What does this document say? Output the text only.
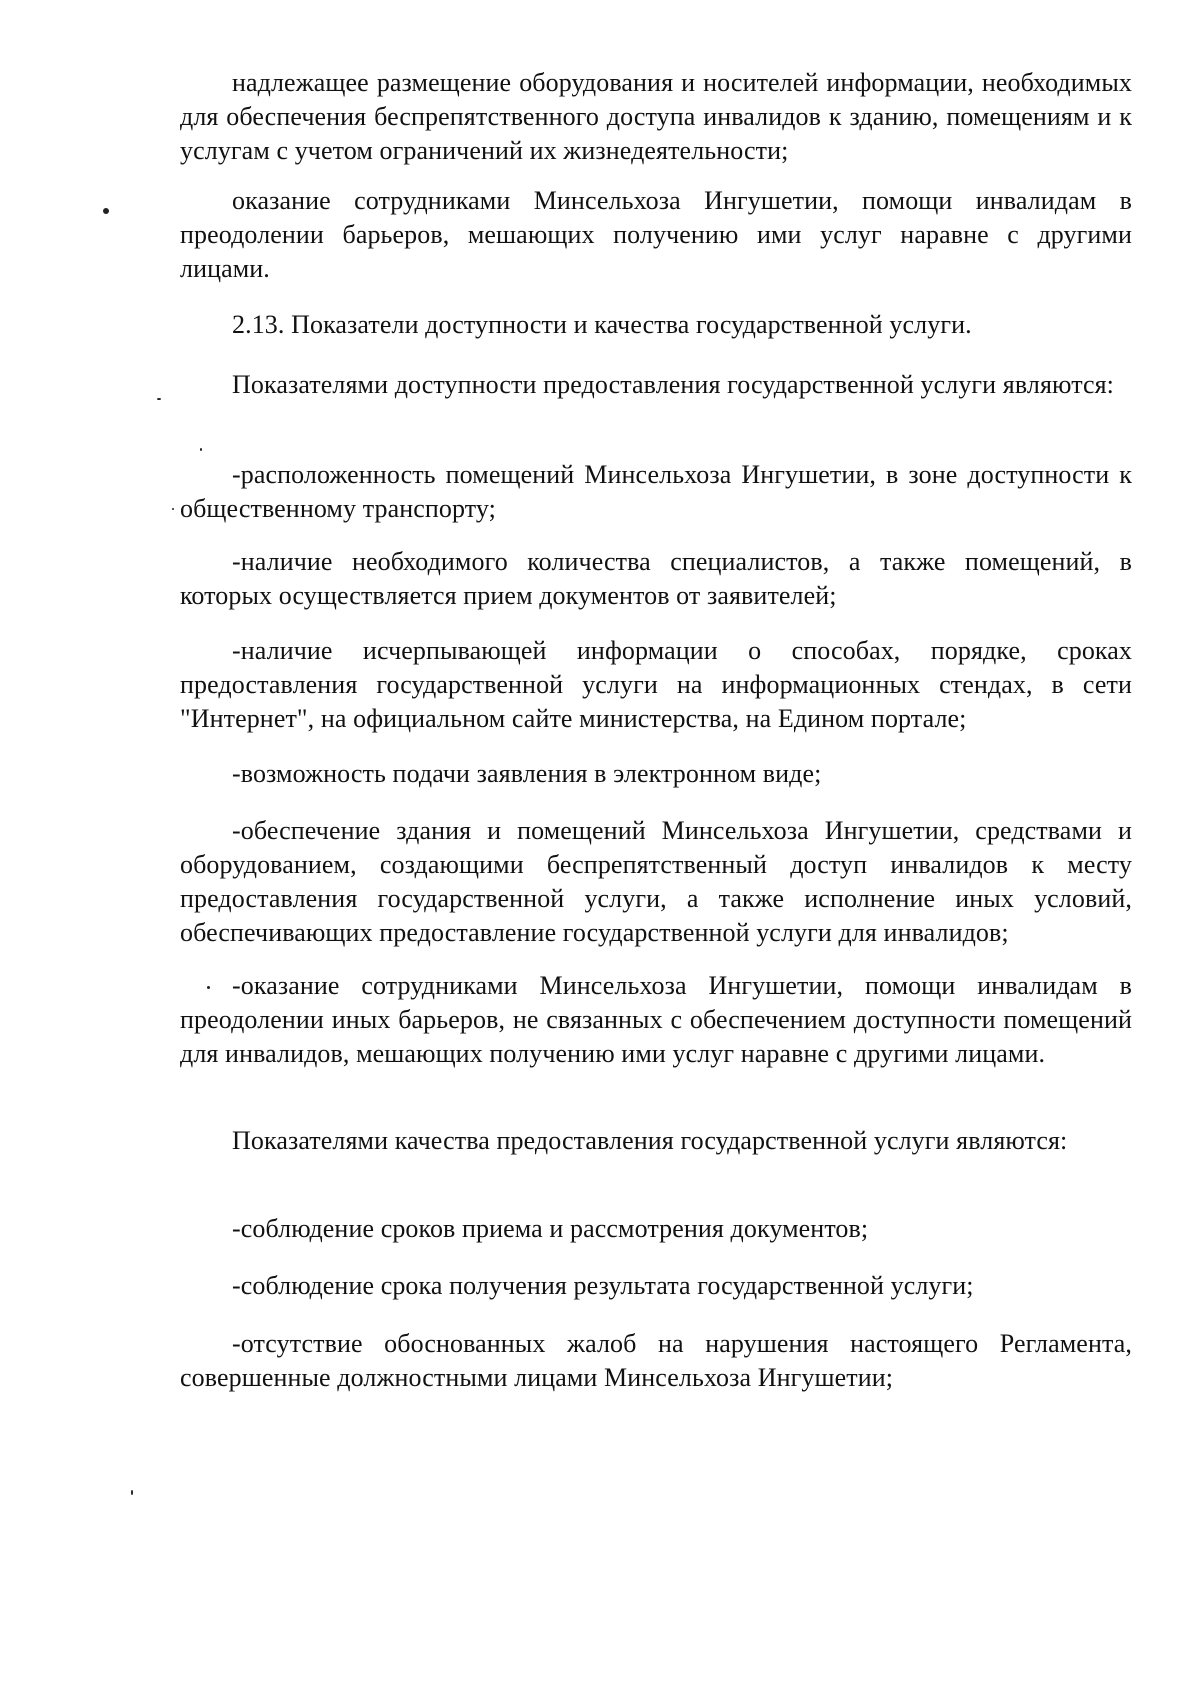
надлежащее размещение оборудования и носителей информации, необходимых для обеспечения беспрепятственного доступа инвалидов к зданию, помещениям и к услугам с учетом ограничений их жизнедеятельности;

оказание сотрудниками Минсельхоза Ингушетии, помощи инвалидам в преодолении барьеров, мешающих получению ими услуг наравне с другими лицами.

2.13. Показатели доступности и качества государственной услуги.

Показателями доступности предоставления государственной услуги являются:

-расположенность помещений Минсельхоза Ингушетии, в зоне доступности к общественному транспорту;

-наличие необходимого количества специалистов, а также помещений, в которых осуществляется прием документов от заявителей;

-наличие исчерпывающей информации о способах, порядке, сроках предоставления государственной услуги на информационных стендах, в сети "Интернет", на официальном сайте министерства, на Едином портале;

-возможность подачи заявления в электронном виде;

-обеспечение здания и помещений Минсельхоза Ингушетии, средствами и оборудованием, создающими беспрепятственный доступ инвалидов к месту предоставления государственной услуги, а также исполнение иных условий, обеспечивающих предоставление государственной услуги для инвалидов;

-оказание сотрудниками Минсельхоза Ингушетии, помощи инвалидам в преодолении иных барьеров, не связанных с обеспечением доступности помещений для инвалидов, мешающих получению ими услуг наравне с другими лицами.

Показателями качества предоставления государственной услуги являются:

-соблюдение сроков приема и рассмотрения документов;

-соблюдение срока получения результата государственной услуги;

-отсутствие обоснованных жалоб на нарушения настоящего Регламента, совершенные должностными лицами Минсельхоза Ингушетии;
